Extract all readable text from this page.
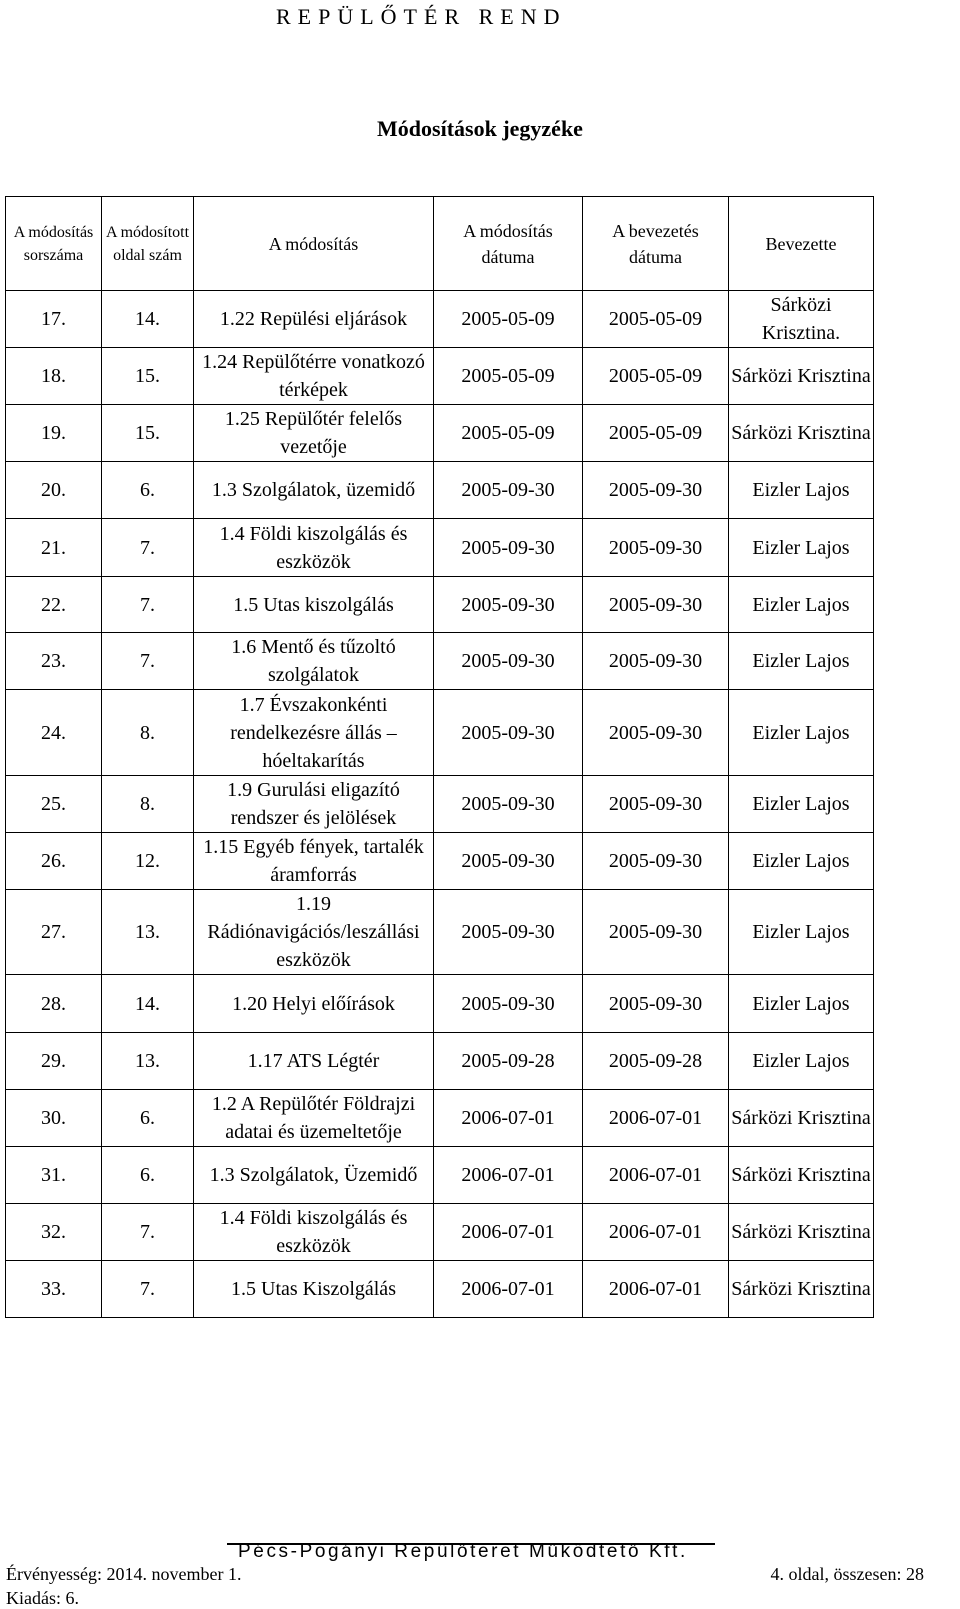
REPÜLŐTÉR REND
Módosítások jegyzéke
A módosítás sorszáma	A módosított oldal szám	A módosítás	A módosítás dátuma	A bevezetés dátuma	Bevezette
17.	14.	1.22 Repülési eljárások	2005-05-09	2005-05-09	Sárközi Krisztina.
18.	15.	1.24 Repülőtérre vonatkozó térképek	2005-05-09	2005-05-09	Sárközi Krisztina
19.	15.	1.25 Repülőtér felelős vezetője	2005-05-09	2005-05-09	Sárközi Krisztina
20.	6.	1.3 Szolgálatok, üzemidő	2005-09-30	2005-09-30	Eizler Lajos
21.	7.	1.4 Földi kiszolgálás és eszközök	2005-09-30	2005-09-30	Eizler Lajos
22.	7.	1.5 Utas kiszolgálás	2005-09-30	2005-09-30	Eizler Lajos
23.	7.	1.6 Mentő és tűzoltó szolgálatok	2005-09-30	2005-09-30	Eizler Lajos
24.	8.	1.7 Évszakonkénti rendelkezésre állás – hóeltakarítás	2005-09-30	2005-09-30	Eizler Lajos
25.	8.	1.9 Gurulási eligazító rendszer és jelölések	2005-09-30	2005-09-30	Eizler Lajos
26.	12.	1.15 Egyéb fények, tartalék áramforrás	2005-09-30	2005-09-30	Eizler Lajos
27.	13.	1.19 Rádiónavigációs/leszállási eszközök	2005-09-30	2005-09-30	Eizler Lajos
28.	14.	1.20 Helyi előírások	2005-09-30	2005-09-30	Eizler Lajos
29.	13.	1.17 ATS Légtér	2005-09-28	2005-09-28	Eizler Lajos
30.	6.	1.2 A Repülőtér Földrajzi adatai és üzemeltetője	2006-07-01	2006-07-01	Sárközi Krisztina
31.	6.	1.3 Szolgálatok, Üzemidő	2006-07-01	2006-07-01	Sárközi Krisztina
32.	7.	1.4 Földi kiszolgálás és eszközök	2006-07-01	2006-07-01	Sárközi Krisztina
33.	7.	1.5 Utas Kiszolgálás	2006-07-01	2006-07-01	Sárközi Krisztina
Pécs-Pogányi Repülőteret Működtető Kft.
Érvényesség: 2014. november 1.
Kiadás: 6.
4. oldal, összesen: 28
